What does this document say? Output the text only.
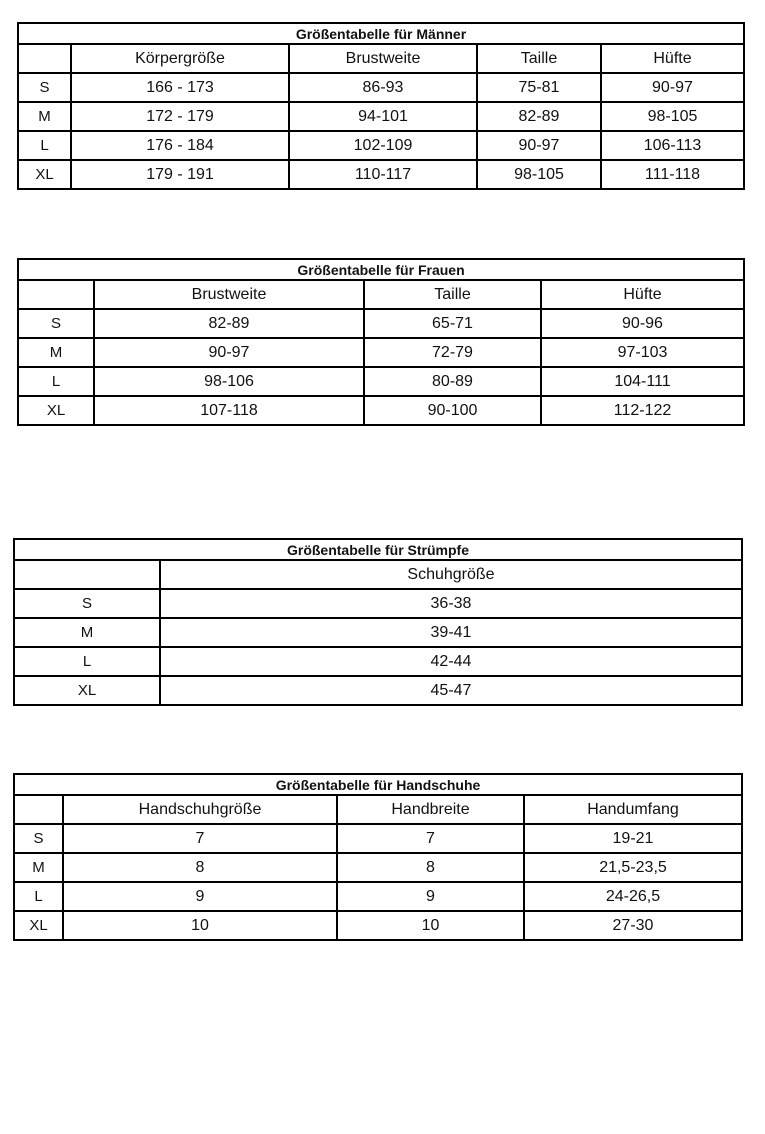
Größentabelle für Männer				
	Körpergröße	Brustweite	Taille	Hüfte
S	166 - 173	86-93	75-81	90-97
M	172 - 179	94-101	82-89	98-105
L	176 - 184	102-109	90-97	106-113
XL	179 - 191	110-117	98-105	111-118
Größentabelle für Frauen			
	Brustweite	Taille	Hüfte
S	82-89	65-71	90-96
M	90-97	72-79	97-103
L	98-106	80-89	104-111
XL	107-118	90-100	112-122
Größentabelle für Strümpfe	
	Schuhgröße
S	36-38
M	39-41
L	42-44
XL	45-47
Größentabelle für Handschuhe			
	Handschuhgröße	Handbreite	Handumfang
S	7	7	19-21
M	8	8	21,5-23,5
L	9	9	24-26,5
XL	10	10	27-30
